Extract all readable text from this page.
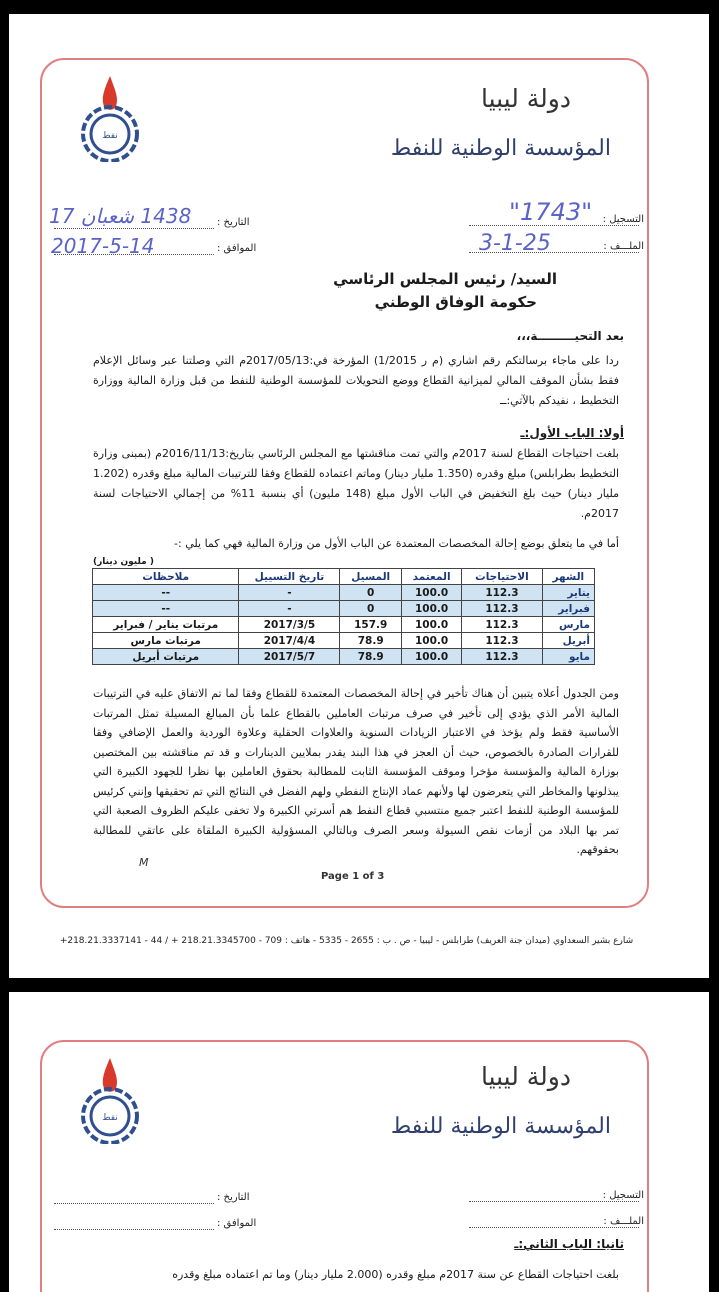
نفط
دولة ليبيا
المؤسسة الوطنية للنفط
التسجيل :
الملـــف :
"1743"
3-1-25
التاريخ :
الموافق :
1438 شعبان 17
2017-5-14
السيد/ رئيس المجلس الرئاسي
حكومة الوفاق الوطني
بعد التحيـــــــــة،،،
ردا على ماجاء برسالتكم رقم اشاري (م ر 1/2015) المؤرخة في:2017/05/13م التي وصلتنا عبر وسائل الإعلام فقط بشأن الموقف المالي لميزانية القطاع ووضع التحويلات للمؤسسة الوطنية للنفط من قبل وزارة المالية ووزارة التخطيط ، نفيدكم بالآتي:ــ
أولا: الباب الأول:ـ
بلغت احتياجات القطاع لسنة 2017م والتي تمت مناقشتها مع المجلس الرئاسي بتاريخ:2016/11/13م (بمبنى وزارة التخطيط بطرابلس) مبلغ وقدره (1.350 مليار دينار) وماتم اعتماده للقطاع وفقا للترتيبات المالية مبلغ وقدره (1.202 مليار دينار) حيث بلغ التخفيض في الباب الأول مبلغ (148 مليون) أي بنسبة 11% من إجمالي الاحتياجات لسنة 2017م.
أما في ما يتعلق بوضع إحالة المخصصات المعتمدة عن الباب الأول من وزارة المالية فهي كما يلي :-
( مليون دينار)
الشهر	الاحتياجات	المعتمد	المسيل	تاريخ التسييل	ملاحظات
يناير	112.3	100.0	0	-	--
فبراير	112.3	100.0	0	-	--
مارس	112.3	100.0	157.9	2017/3/5	مرتبات يناير / فبراير
أبريل	112.3	100.0	78.9	2017/4/4	مرتبات مارس
مايو	112.3	100.0	78.9	2017/5/7	مرتبات أبريل
ومن الجدول أعلاه يتبين أن هناك تأخير في إحالة المخصصات المعتمدة للقطاع وفقا لما تم الاتفاق عليه في الترتيبات المالية الأمر الذي يؤدي إلى تأخير في صرف مرتبات العاملين بالقطاع علما بأن المبالغ المسيلة تمثل المرتبات الأساسية فقط ولم يؤخذ في الاعتبار الزيادات السنوية والعلاوات الحقلية وعلاوة الوردية والعمل الإضافي وفقا للقرارات الصادرة بالخصوص، حيث أن العجز في هذا البند يقدر بملايين الدينارات و قد تم مناقشته بين المختصين بوزارة المالية والمؤسسة مؤخرا وموقف المؤسسة الثابت للمطالبة بحقوق العاملين بها نظرا للجهود الكبيرة التي يبذلونها والمخاطر التي يتعرضون لها ولأنهم عماد الإنتاج النفطي ولهم الفضل في النتائج التي تم تحقيقها وإنني كرئيس للمؤسسة الوطنية للنفط اعتبر جميع منتسبي قطاع النفط هم أسرتي الكبيرة ولا تخفى عليكم الظروف الصعبة التي تمر بها البلاد من أزمات نقص السيولة وسعر الصرف وبالتالي المسؤولية الكبيرة الملقاة على عاتقي للمطالبة بحقوقهم.
M
Page 1 of 3
شارع بشير السعداوي (ميدان جنة العريف) طرابلس - ليبيا - ص . ب : 2655 - 5335 - هاتف : 709 - 218.21.3345700 + / 44 - 218.21.3337141+
نفط
دولة ليبيا
المؤسسة الوطنية للنفط
التسجيل :
الملـــف :
التاريخ :
الموافق :
ثانيا: الباب الثاني:ـ
بلغت احتياجات القطاع عن سنة 2017م مبلغ وقدره (2.000 مليار دينار) وما تم اعتماده مبلغ وقدره
